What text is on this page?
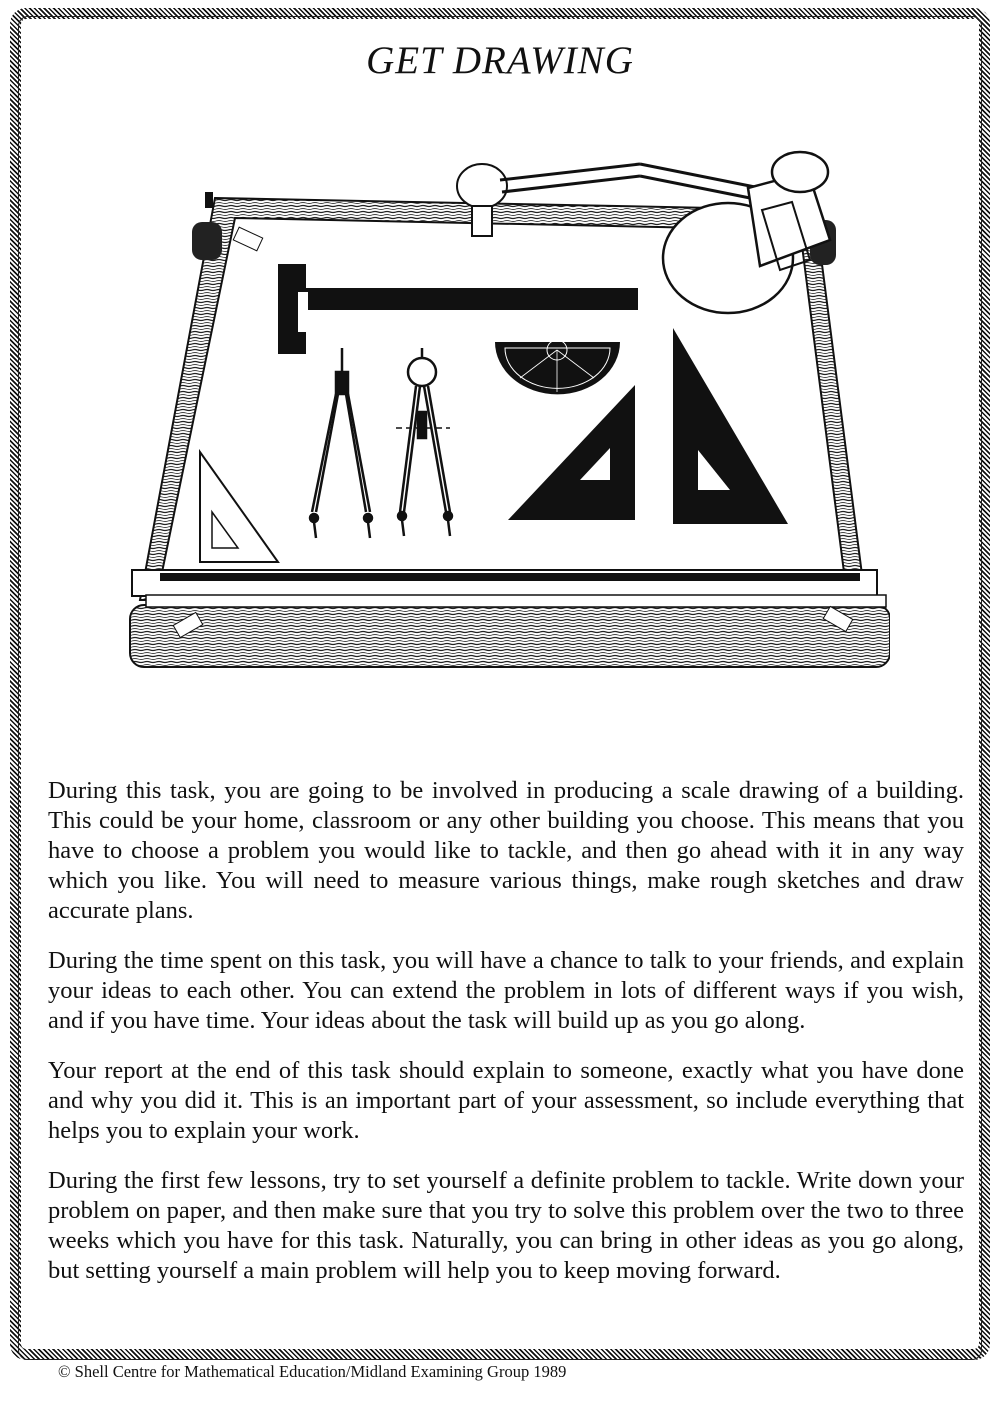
GET DRAWING

During this task, you are going to be involved in producing a scale drawing of a building. This could be your home, classroom or any other building you choose. This means that you have to choose a problem you would like to tackle, and then go ahead with it in any way which you like. You will need to measure various things, make rough sketches and draw accurate plans.

During the time spent on this task, you will have a chance to talk to your friends, and explain your ideas to each other. You can extend the problem in lots of different ways if you wish, and if you have time. Your ideas about the task will build up as you go along.

Your report at the end of this task should explain to someone, exactly what you have done and why you did it. This is an important part of your assessment, so include everything that helps you to explain your work.

During the first few lessons, try to set yourself a definite problem to tackle. Write down your problem on paper, and then make sure that you try to solve this problem over the two to three weeks which you have for this task. Naturally, you can bring in other ideas as you go along, but setting yourself a main problem will help you to keep moving forward.

© Shell Centre for Mathematical Education/Midland Examining Group 1989
